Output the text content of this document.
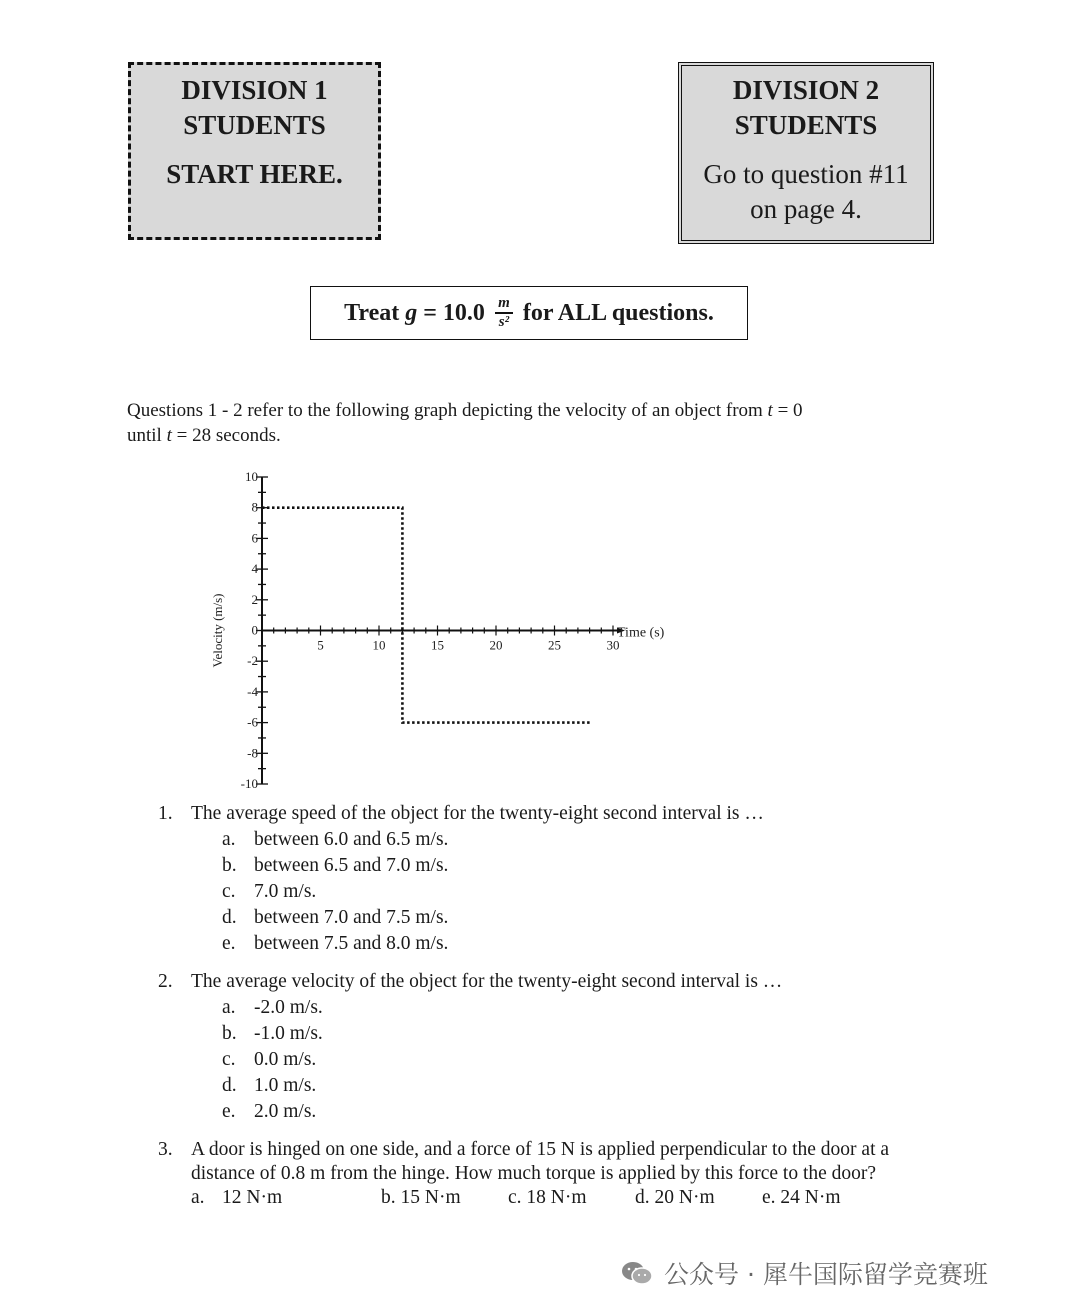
DIVISION 1
STUDENTS
START HERE.
DIVISION 2
STUDENTS
Go to question #11
on page 4.
Treat $g = 10.0 \frac{m}{\text{s²}}$ for ALL questions.
Questions 1 - 2 refer to the following graph depicting the velocity of an object from t = 0
until t = 28 seconds.
10
8
6
4
2
0
-2
-4
-6
-8
-10
5	10	15	20	25	30
Time (s)
Velocity (m/s)
1. The average speed of the object for the twenty-eight second interval is …
a. between 6.0 and 6.5 m/s.
b. between 6.5 and 7.0 m/s.
c. 7.0 m/s.
d. between 7.0 and 7.5 m/s.
e. between 7.5 and 8.0 m/s.
2. The average velocity of the object for the twenty-eight second interval is …
a. -2.0 m/s.
b. -1.0 m/s.
c. 0.0 m/s.
d. 1.0 m/s.
e. 2.0 m/s.
3. A door is hinged on one side, and a force of 15 N is applied perpendicular to the door at a
distance of 0.8 m from the hinge. How much torque is applied by this force to the door?
a. 12 N·m	b. 15 N·m c. 18 N·m d. 20 N·m e. 24 N·m
公众号 · 犀牛国际留学竞赛班
